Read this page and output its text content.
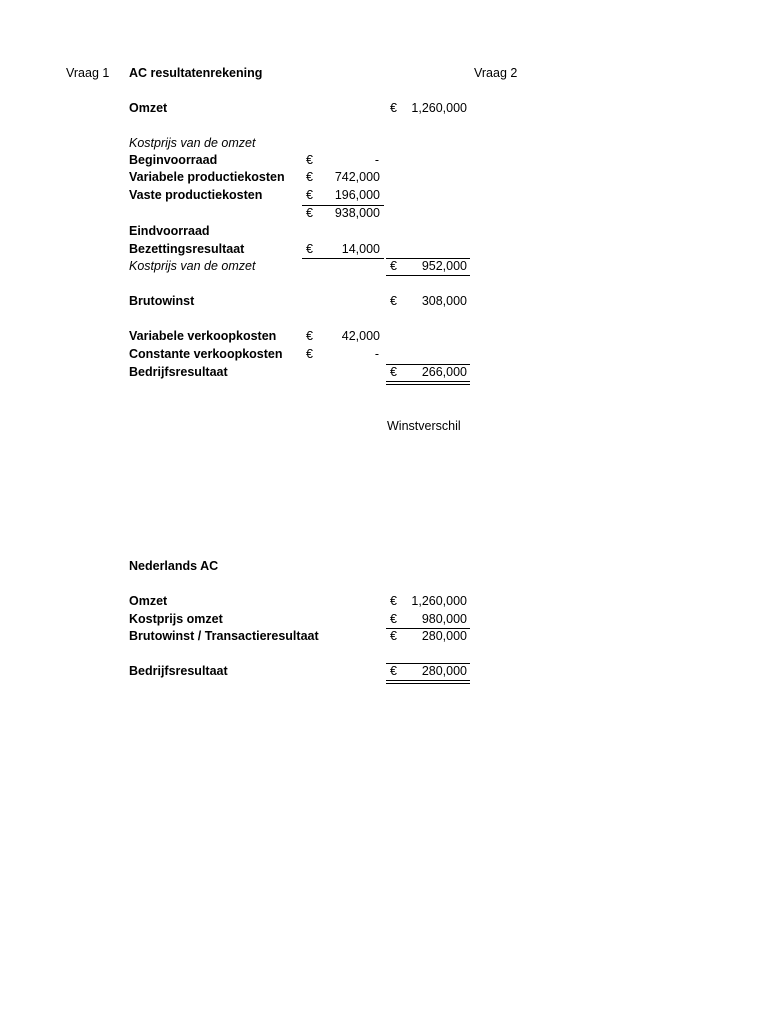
Vraag 1 AC resultatenrekening	Vraag 2
Omzet	€ 1,260,000
Kostprijs van de omzet
Beginvoorraad	€	-
Variabele productiekosten € 742,000
Vaste productiekosten	€ 196,000
€ 938,000
Eindvoorraad
Bezettingsresultaat	€ 14,000
Kostprijs van de omzet	€ 952,000
Brutowinst	€ 308,000
Variabele verkoopkosten € 42,000
Constante verkoopkosten €	-
Bedrijfsresultaat	€ 266,000
Winstverschil
Nederlands AC
Omzet	€ 1,260,000
Kostprijs omzet	€ 980,000
Brutowinst / Transactieresultaat	€ 280,000
Bedrijfsresultaat	€ 280,000
